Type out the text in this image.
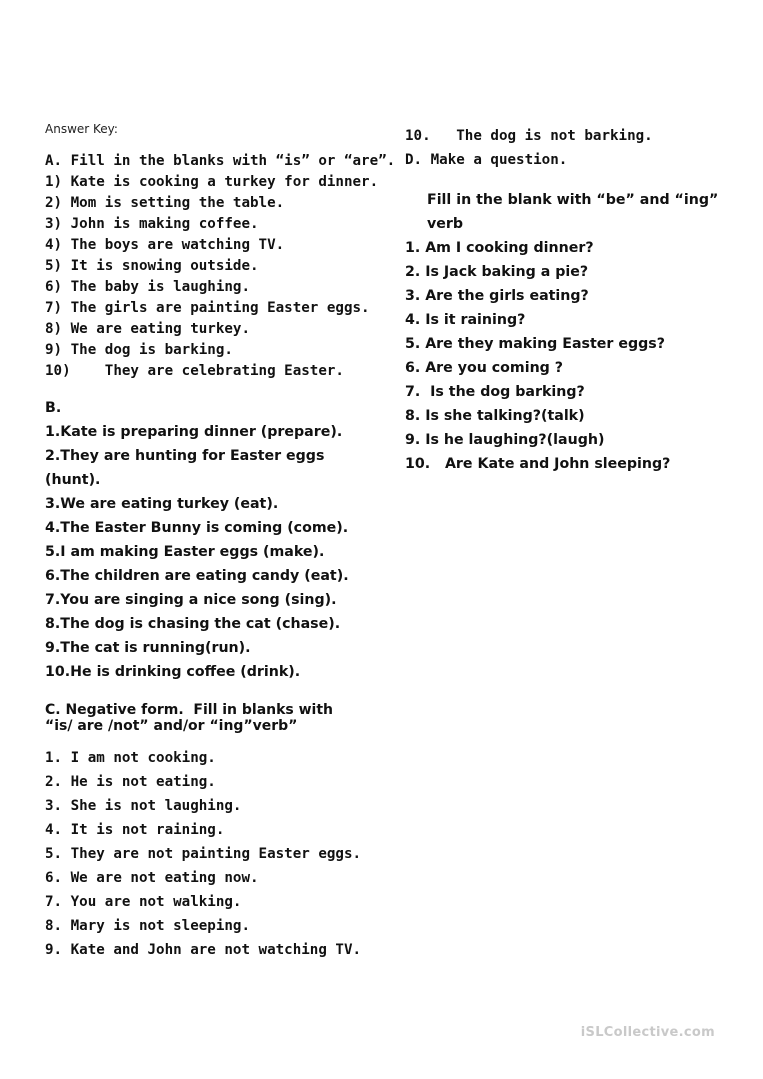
Answer Key:
A. Fill in the blanks with “is” or “are”.
1) Kate is cooking a turkey for dinner.
2) Mom is setting the table.
3) John is making coffee.
4) The boys are watching TV.
5) It is snowing outside.
6) The baby is laughing.
7) The girls are painting Easter eggs.
8) We are eating turkey.
9) The dog is barking.
10)    They are celebrating Easter.
B.
1.Kate is preparing dinner (prepare).
2.They are hunting for Easter eggs
(hunt).
3.We are eating turkey (eat).
4.The Easter Bunny is coming (come).
5.I am making Easter eggs (make).
6.The children are eating candy (eat).
7.You are singing a nice song (sing).
8.The dog is chasing the cat (chase).
9.The cat is running(run).
10.He is drinking coffee (drink).
C. Negative form.  Fill in blanks with
“is/ are /not” and/or “ing”verb”
1. I am not cooking.
2. He is not eating.
3. She is not laughing.
4. It is not raining.
5. They are not painting Easter eggs.
6. We are not eating now.
7. You are not walking.
8. Mary is not sleeping.
9. Kate and John are not watching TV.
10.   The dog is not barking.
D. Make a question.
Fill in the blank with “be” and “ing”
verb
1. Am I cooking dinner?
2. Is Jack baking a pie?
3. Are the girls eating?
4. Is it raining?
5. Are they making Easter eggs?
6. Are you coming ?
7.  Is the dog barking?
8. Is she talking?(talk)
9. Is he laughing?(laugh)
10.   Are Kate and John sleeping?
iSLCollective.com
